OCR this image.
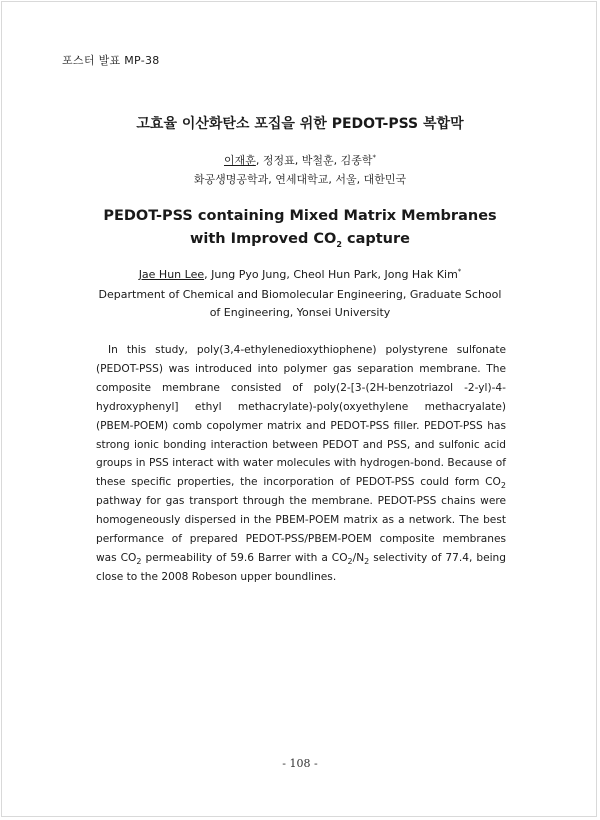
포스터 발표 MP-38
고효율 이산화탄소 포집을 위한 PEDOT-PSS 복합막
이재훈, 정정표, 박철훈, 김종학*
화공생명공학과, 연세대학교, 서울, 대한민국
PEDOT-PSS containing Mixed Matrix Membranes
with Improved $CO_2$ capture
Jae Hun Lee, Jung Pyo Jung, Cheol Hun Park, Jong Hak Kim*
Department of Chemical and Biomolecular Engineering, Graduate School of Engineering, Yonsei University
In this study, poly(3,4-ethylenedioxythiophene) polystyrene sulfonate (PEDOT-PSS) was introduced into polymer gas separation membrane. The composite membrane consisted of poly(2-[3-(2H-benzotriazol -2-yl)-4-hydroxyphenyl] ethyl methacrylate)-poly(oxyethylene methacryalate) (PBEM-POEM) comb copolymer matrix and PEDOT-PSS filler. PEDOT-PSS has strong ionic bonding interaction between PEDOT and PSS, and sulfonic acid groups in PSS interact with water molecules with hydrogen-bond. Because of these specific properties, the incorporation of PEDOT-PSS could form $CO_2$ pathway for gas transport through the membrane. PEDOT-PSS chains were homogeneously dispersed in the PBEM-POEM matrix as a network. The best performance of prepared PEDOT-PSS/PBEM-POEM composite membranes was $CO_2$ permeability of 59.6 Barrer with a $CO_2/N_2$ selectivity of 77.4, being close to the 2008 Robeson upper boundlines.
- 108 -
